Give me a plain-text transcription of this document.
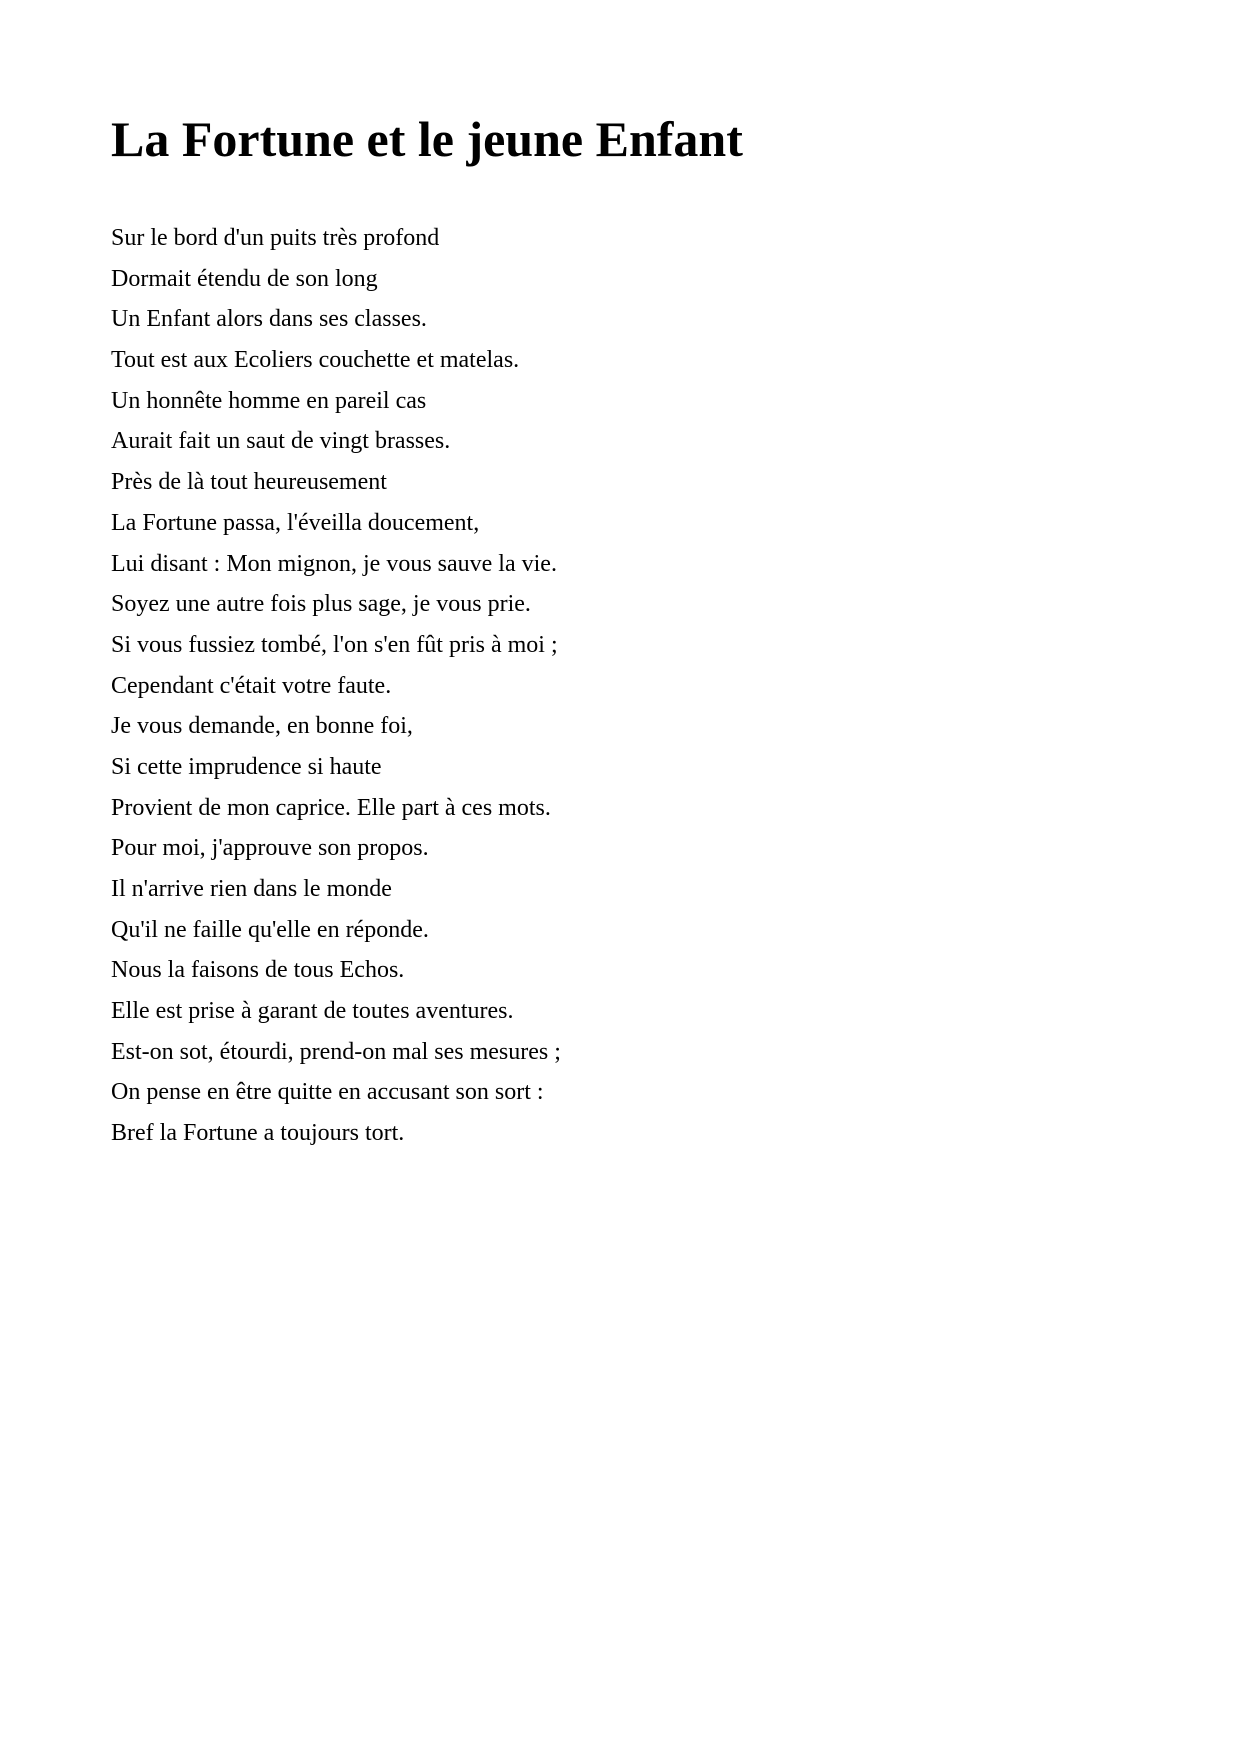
La Fortune et le jeune Enfant
Sur le bord d'un puits très profond
Dormait étendu de son long
Un Enfant alors dans ses classes.
Tout est aux Ecoliers couchette et matelas.
Un honnête homme en pareil cas
Aurait fait un saut de vingt brasses.
Près de là tout heureusement
La Fortune passa, l'éveilla doucement,
Lui disant : Mon mignon, je vous sauve la vie.
Soyez une autre fois plus sage, je vous prie.
Si vous fussiez tombé, l'on s'en fût pris à moi ;
Cependant c'était votre faute.
Je vous demande, en bonne foi,
Si cette imprudence si haute
Provient de mon caprice. Elle part à ces mots.
Pour moi, j'approuve son propos.
Il n'arrive rien dans le monde
Qu'il ne faille qu'elle en réponde.
Nous la faisons de tous Echos.
Elle est prise à garant de toutes aventures.
Est-on sot, étourdi, prend-on mal ses mesures ;
On pense en être quitte en accusant son sort :
Bref la Fortune a toujours tort.
